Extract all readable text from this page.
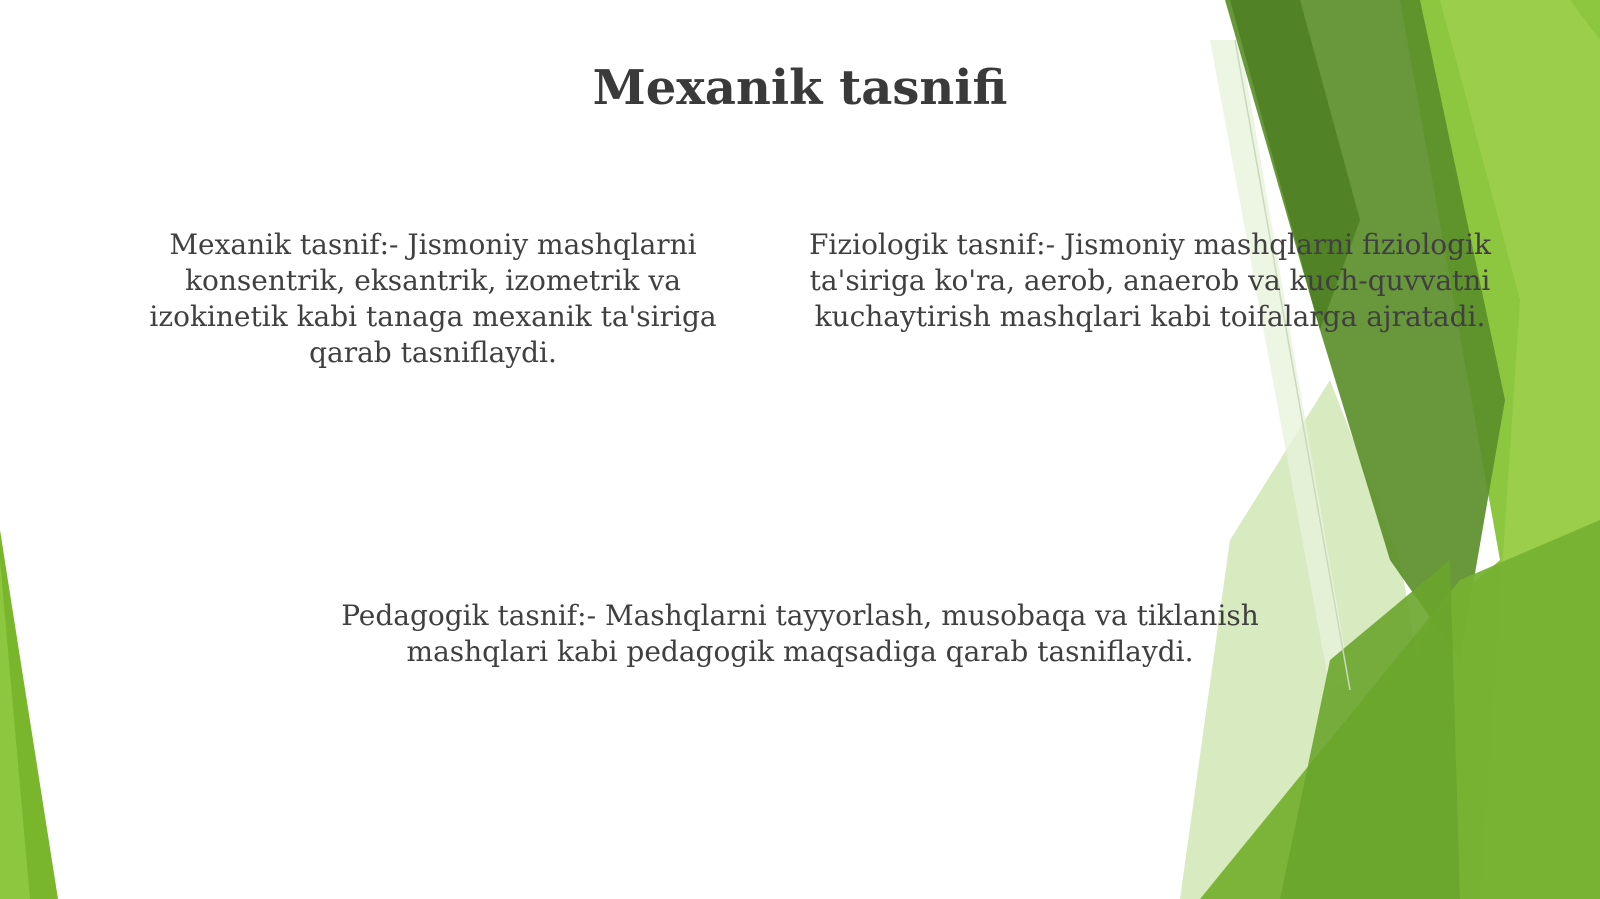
Mexanik tasnifi

Mexanik tasnif:- Jismoniy mashqlarni konsentrik, eksantrik, izometrik va izokinetik kabi tanaga mexanik ta'siriga qarab tasniflaydi.

Fiziologik tasnif:- Jismoniy mashqlarni fiziologik ta'siriga ko'ra, aerob, anaerob va kuch-quvvatni kuchaytirish mashqlari kabi toifalarga ajratadi.

Pedagogik tasnif:- Mashqlarni tayyorlash, musobaqa va tiklanish mashqlari kabi pedagogik maqsadiga qarab tasniflaydi.
